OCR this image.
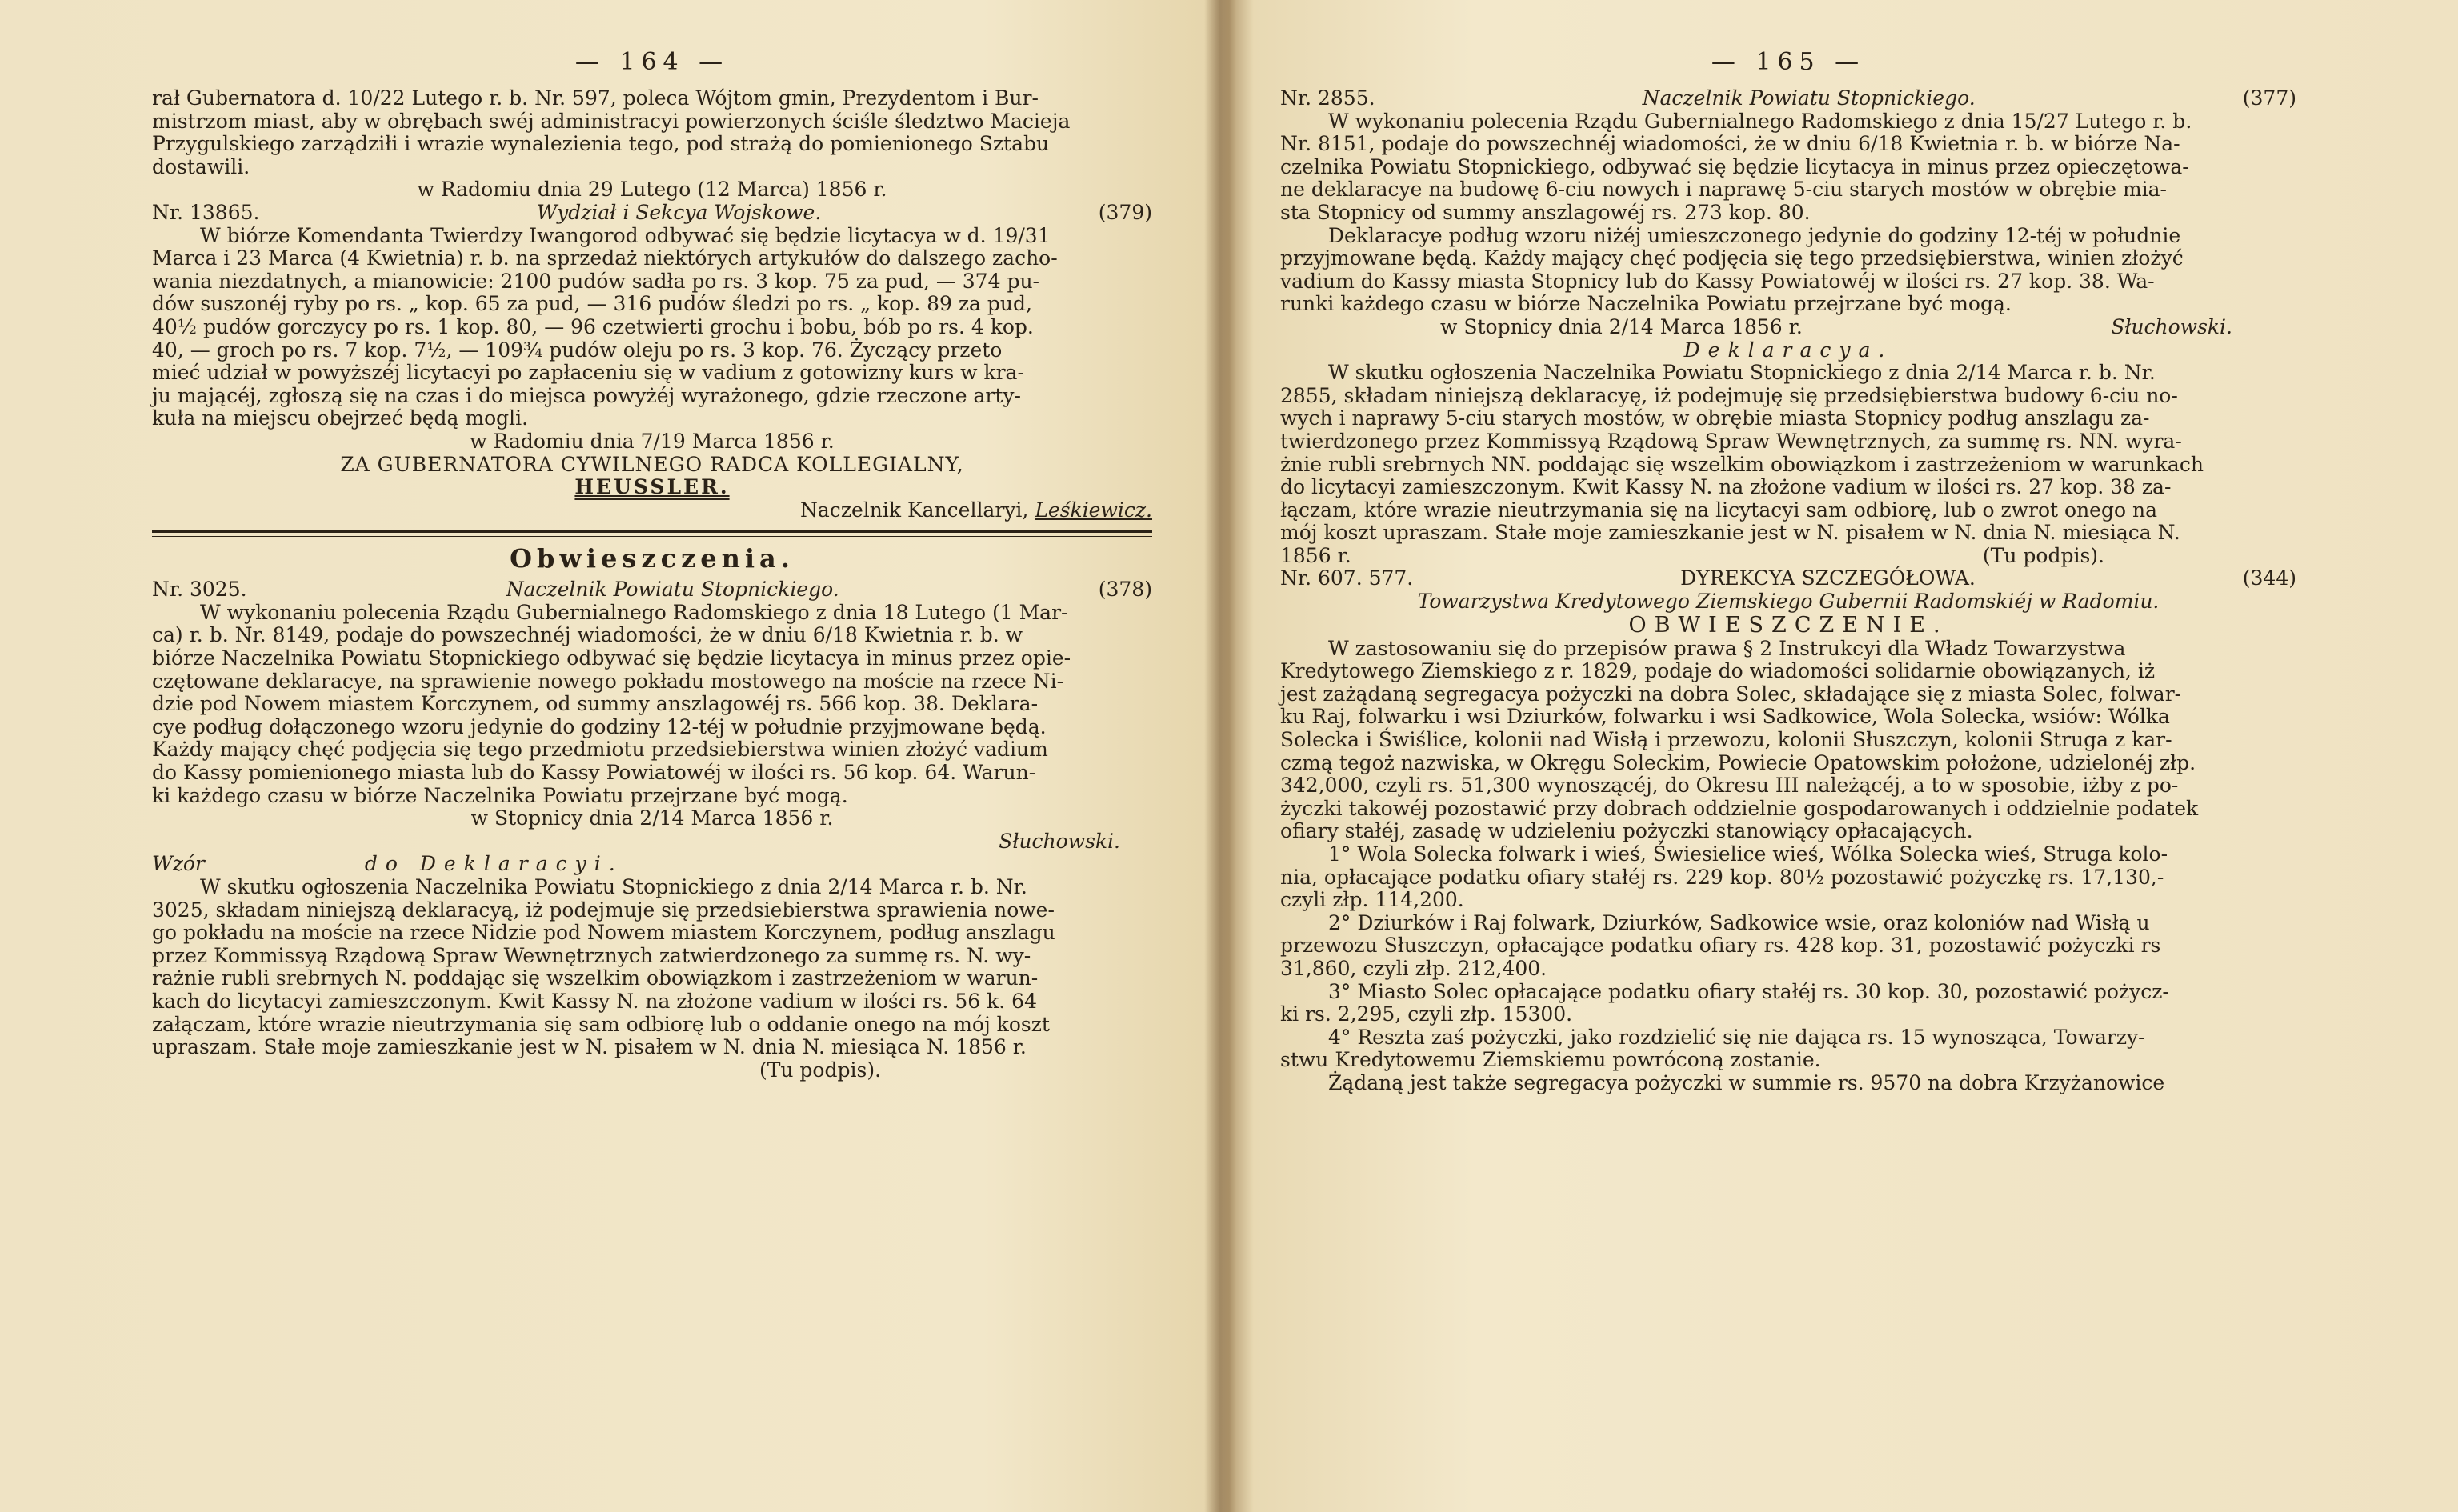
— 164 —

rał Gubernatora d. 10/22 Lutego r. b. Nr. 597, poleca Wójtom gmin, Prezydentom i Bur-

mistrzom miast, aby w obrębach swéj administracyi powierzonych ściśle śledztwo Macieja

Przygulskiego zarządziłi i wrazie wynalezienia tego, pod strażą do pomienionego Sztabu

dostawili.

w Radomiu dnia 29 Lutego (12 Marca) 1856 r.
Nr. 13865.	Wydział i Sekcya Wojskowe.	(379)

W biórze Komendanta Twierdzy Iwangorod odbywać się będzie licytacya w d. 19/31

Marca i 23 Marca (4 Kwietnia) r. b. na sprzedaż niektórych artykułów do dalszego zacho-

wania niezdatnych, a mianowicie: 2100 pudów sadła po rs. 3 kop. 75 za pud, — 374 pu-

dów suszonéj ryby po rs. „ kop. 65 za pud, — 316 pudów śledzi po rs. „ kop. 89 za pud,

40½ pudów gorczycy po rs. 1 kop. 80, — 96 czetwierti grochu i bobu, bób po rs. 4 kop.

40, — groch po rs. 7 kop. 7½, — 109¾ pudów oleju po rs. 3 kop. 76. Życzący przeto

mieć udział w powyższéj licytacyi po zapłaceniu się w vadium z gotowizny kurs w kra-

ju mającéj, zgłoszą się na czas i do miejsca powyżéj wyrażonego, gdzie rzeczone arty-

kuła na miejscu obejrzeć będą mogli.

w Radomiu dnia 7/19 Marca 1856 r.
ZA GUBERNATORA CYWILNEGO RADCA KOLLEGIALNY,
HEUSSLER.
Naczelnik Kancellaryi, Leśkiewicz.
Obwieszczenia.
Nr. 3025.	Naczelnik Powiatu Stopnickiego.	(378)

W wykonaniu polecenia Rządu Gubernialnego Radomskiego z dnia 18 Lutego (1 Mar-

ca) r. b. Nr. 8149, podaje do powszechnéj wiadomości, że w dniu 6/18 Kwietnia r. b. w

biórze Naczelnika Powiatu Stopnickiego odbywać się będzie licytacya in minus przez opie-

czętowane deklaracye, na sprawienie nowego pokładu mostowego na moście na rzece Ni-

dzie pod Nowem miastem Korczynem, od summy anszlagowéj rs. 566 kop. 38. Deklara-

cye podług dołączonego wzoru jedynie do godziny 12-téj w południe przyjmowane będą.

Każdy mający chęć podjęcia się tego przedmiotu przedsiebierstwa winien złożyć vadium

do Kassy pomienionego miasta lub do Kassy Powiatowéj w ilości rs. 56 kop. 64. Warun-

ki każdego czasu w biórze Naczelnika Powiatu przejrzane być mogą.

w Stopnicy dnia 2/14 Marca 1856 r.
Słuchowski.
Wzór	do Deklaracyi.

W skutku ogłoszenia Naczelnika Powiatu Stopnickiego z dnia 2/14 Marca r. b. Nr.

3025, składam niniejszą deklaracyą, iż podejmuje się przedsiebierstwa sprawienia nowe-

go pokładu na moście na rzece Nidzie pod Nowem miastem Korczynem, podług anszlagu

przez Kommissyą Rządową Spraw Wewnętrznych zatwierdzonego za summę rs. N. wy-

rażnie rubli srebrnych N. poddając się wszelkim obowiązkom i zastrzeżeniom w warun-

kach do licytacyi zamieszczonym. Kwit Kassy N. na złożone vadium w ilości rs. 56 k. 64

załączam, które wrazie nieutrzymania się sam odbiorę lub o oddanie onego na mój koszt

upraszam. Stałe moje zamieszkanie jest w N. pisałem w N. dnia N. miesiąca N. 1856 r.

(Tu podpis).
— 165 —
Nr. 2855.	Naczelnik Powiatu Stopnickiego.	(377)

W wykonaniu polecenia Rządu Gubernialnego Radomskiego z dnia 15/27 Lutego r. b.

Nr. 8151, podaje do powszechnéj wiadomości, że w dniu 6/18 Kwietnia r. b. w biórze Na-

czelnika Powiatu Stopnickiego, odbywać się będzie licytacya in minus przez opieczętowa-

ne deklaracye na budowę 6-ciu nowych i naprawę 5-ciu starych mostów w obrębie mia-

sta Stopnicy od summy anszlagowéj rs. 273 kop. 80.

Deklaracye podług wzoru niżéj umieszczonego jedynie do godziny 12-téj w południe

przyjmowane będą. Każdy mający chęć podjęcia się tego przedsiębierstwa, winien złożyć

vadium do Kassy miasta Stopnicy lub do Kassy Powiatowéj w ilości rs. 27 kop. 38. Wa-

runki każdego czasu w biórze Naczelnika Powiatu przejrzane być mogą.

w Stopnicy dnia 2/14 Marca 1856 r.	Słuchowski.
Deklaracya.

W skutku ogłoszenia Naczelnika Powiatu Stopnickiego z dnia 2/14 Marca r. b. Nr.

2855, składam niniejszą deklaracyę, iż podejmuję się przedsiębierstwa budowy 6-ciu no-

wych i naprawy 5-ciu starych mostów, w obrębie miasta Stopnicy podług anszlagu za-

twierdzonego przez Kommissyą Rządową Spraw Wewnętrznych, za summę rs. NN. wyra-

żnie rubli srebrnych NN. poddając się wszelkim obowiązkom i zastrzeżeniom w warunkach

do licytacyi zamieszczonym. Kwit Kassy N. na złożone vadium w ilości rs. 27 kop. 38 za-

łączam, które wrazie nieutrzymania się na licytacyi sam odbiorę, lub o zwrot onego na

mój koszt upraszam. Stałe moje zamieszkanie jest w N. pisałem w N. dnia N. miesiąca N.

1856 r.	(Tu podpis).
Nr. 607. 577.	DYREKCYA SZCZEGÓŁOWA.	(344)
Towarzystwa Kredytowego Ziemskiego Gubernii Radomskiéj w Radomiu.
OBWIESZCZENIE.

W zastosowaniu się do przepisów prawa § 2 Instrukcyi dla Władz Towarzystwa

Kredytowego Ziemskiego z r. 1829, podaje do wiadomości solidarnie obowiązanych, iż

jest zażądaną segregacya pożyczki na dobra Solec, składające się z miasta Solec, folwar-

ku Raj, folwarku i wsi Dziurków, folwarku i wsi Sadkowice, Wola Solecka, wsiów: Wólka

Solecka i Świślice, kolonii nad Wisłą i przewozu, kolonii Słuszczyn, kolonii Struga z kar-

czmą tegoż nazwiska, w Okręgu Soleckim, Powiecie Opatowskim położone, udzielonéj złp.

342,000, czyli rs. 51,300 wynoszącéj, do Okresu III należącéj, a to w sposobie, iżby z po-

życzki takowéj pozostawić przy dobrach oddzielnie gospodarowanych i oddzielnie podatek

ofiary stałéj, zasadę w udzieleniu pożyczki stanowiący opłacających.

1° Wola Solecka folwark i wieś, Świesielice wieś, Wólka Solecka wieś, Struga kolo-

nia, opłacające podatku ofiary stałéj rs. 229 kop. 80½ pozostawić pożyczkę rs. 17,130,-

czyli złp. 114,200.

2° Dziurków i Raj folwark, Dziurków, Sadkowice wsie, oraz koloniów nad Wisłą u

przewozu Słuszczyn, opłacające podatku ofiary rs. 428 kop. 31, pozostawić pożyczki rs

31,860, czyli złp. 212,400.

3° Miasto Solec opłacające podatku ofiary stałéj rs. 30 kop. 30, pozostawić pożycz-

ki rs. 2,295, czyli złp. 15300.

4° Reszta zaś pożyczki, jako rozdzielić się nie dająca rs. 15 wynosząca, Towarzy-

stwu Kredytowemu Ziemskiemu powróconą zostanie.

Żądaną jest także segregacya pożyczki w summie rs. 9570 na dobra Krzyżanowice
